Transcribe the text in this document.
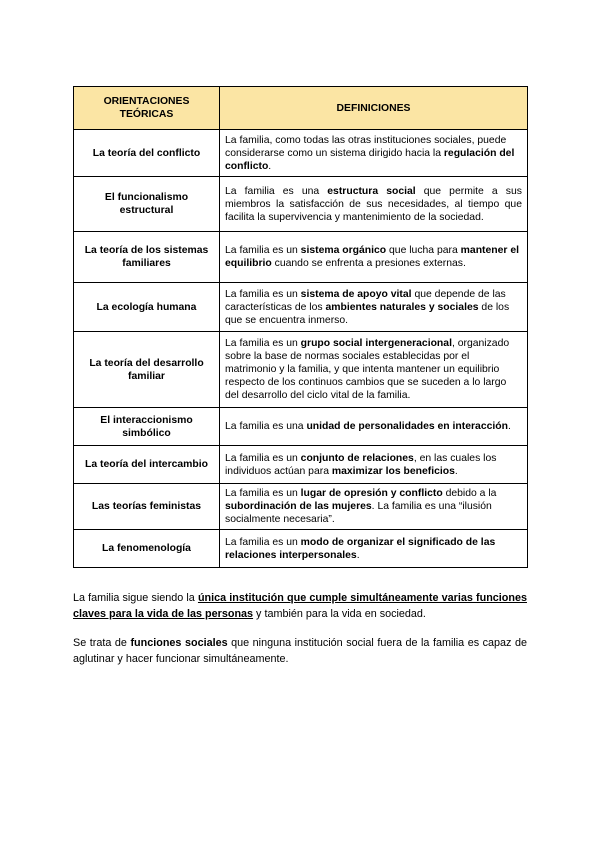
ORIENTACIONES TEÓRICAS	DEFINICIONES
La teoría del conflicto	La familia, como todas las otras instituciones sociales, puede considerarse como un sistema dirigido hacia la regulación del conflicto.
El funcionalismo estructural	La familia es una estructura social que permite a sus miembros la satisfacción de sus necesidades, al tiempo que facilita la supervivencia y mantenimiento de la sociedad.
La teoría de los sistemas familiares	La familia es un sistema orgánico que lucha para mantener el equilibrio cuando se enfrenta a presiones externas.
La ecología humana	La familia es un sistema de apoyo vital que depende de las características de los ambientes naturales y sociales de los que se encuentra inmerso.
La teoría del desarrollo familiar	La familia es un grupo social intergeneracional, organizado sobre la base de normas sociales establecidas por el matrimonio y la familia, y que intenta mantener un equilibrio respecto de los continuos cambios que se suceden a lo largo del desarrollo del ciclo vital de la familia.
El interaccionismo simbólico	La familia es una unidad de personalidades en interacción.
La teoría del intercambio	La familia es un conjunto de relaciones, en las cuales los individuos actúan para maximizar los beneficios.
Las teorías feministas	La familia es un lugar de opresión y conflicto debido a la subordinación de las mujeres. La familia es una “ilusión socialmente necesaria”.
La fenomenología	La familia es un modo de organizar el significado de las relaciones interpersonales.

La familia sigue siendo la única institución que cumple simultáneamente varias funciones claves para la vida de las personas y también para la vida en sociedad.

Se trata de funciones sociales que ninguna institución social fuera de la familia es capaz de aglutinar y hacer funcionar simultáneamente.
